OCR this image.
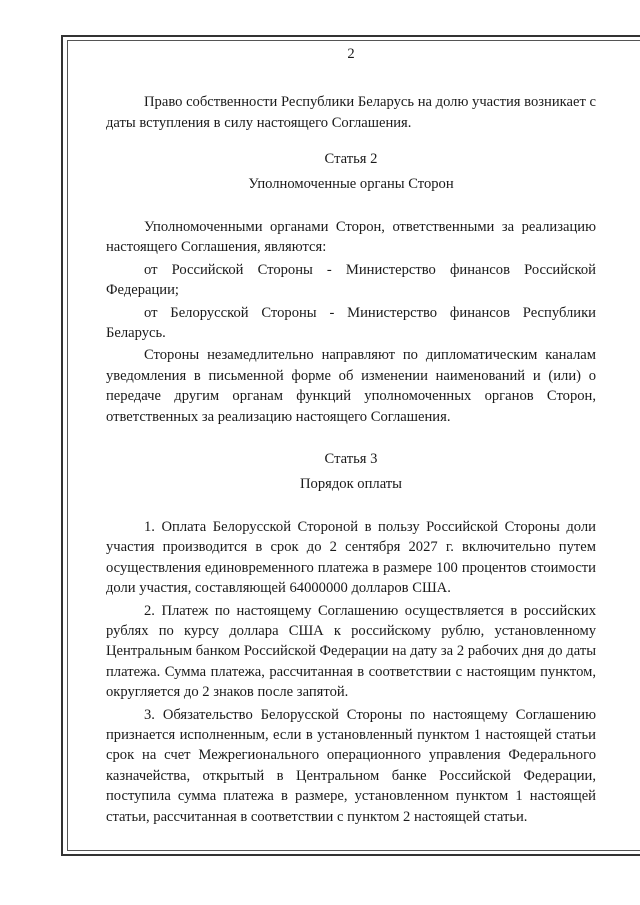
2

Право собственности Республики Беларусь на долю участия возникает с даты вступления в силу настоящего Соглашения.

Статья 2
Уполномоченные органы Сторон

Уполномоченными органами Сторон, ответственными за реализацию настоящего Соглашения, являются:

от Российской Стороны - Министерство финансов Российской Федерации;

от Белорусской Стороны - Министерство финансов Республики Беларусь.

Стороны незамедлительно направляют по дипломатическим каналам уведомления в письменной форме об изменении наименований и (или) о передаче другим органам функций уполномоченных органов Сторон, ответственных за реализацию настоящего Соглашения.

Статья 3
Порядок оплаты

1. Оплата Белорусской Стороной в пользу Российской Стороны доли участия производится в срок до 2 сентября 2027 г. включительно путем осуществления единовременного платежа в размере 100 процентов стоимости доли участия, составляющей 64000000 долларов США.

2. Платеж по настоящему Соглашению осуществляется в российских рублях по курсу доллара США к российскому рублю, установленному Центральным банком Российской Федерации на дату за 2 рабочих дня до даты платежа. Сумма платежа, рассчитанная в соответствии с настоящим пунктом, округляется до 2 знаков после запятой.

3. Обязательство Белорусской Стороны по настоящему Соглашению признается исполненным, если в установленный пунктом 1 настоящей статьи срок на счет Межрегионального операционного управления Федерального казначейства, открытый в Центральном банке Российской Федерации, поступила сумма платежа в размере, установленном пунктом 1 настоящей статьи, рассчитанная в соответствии с пунктом 2 настоящей статьи.
